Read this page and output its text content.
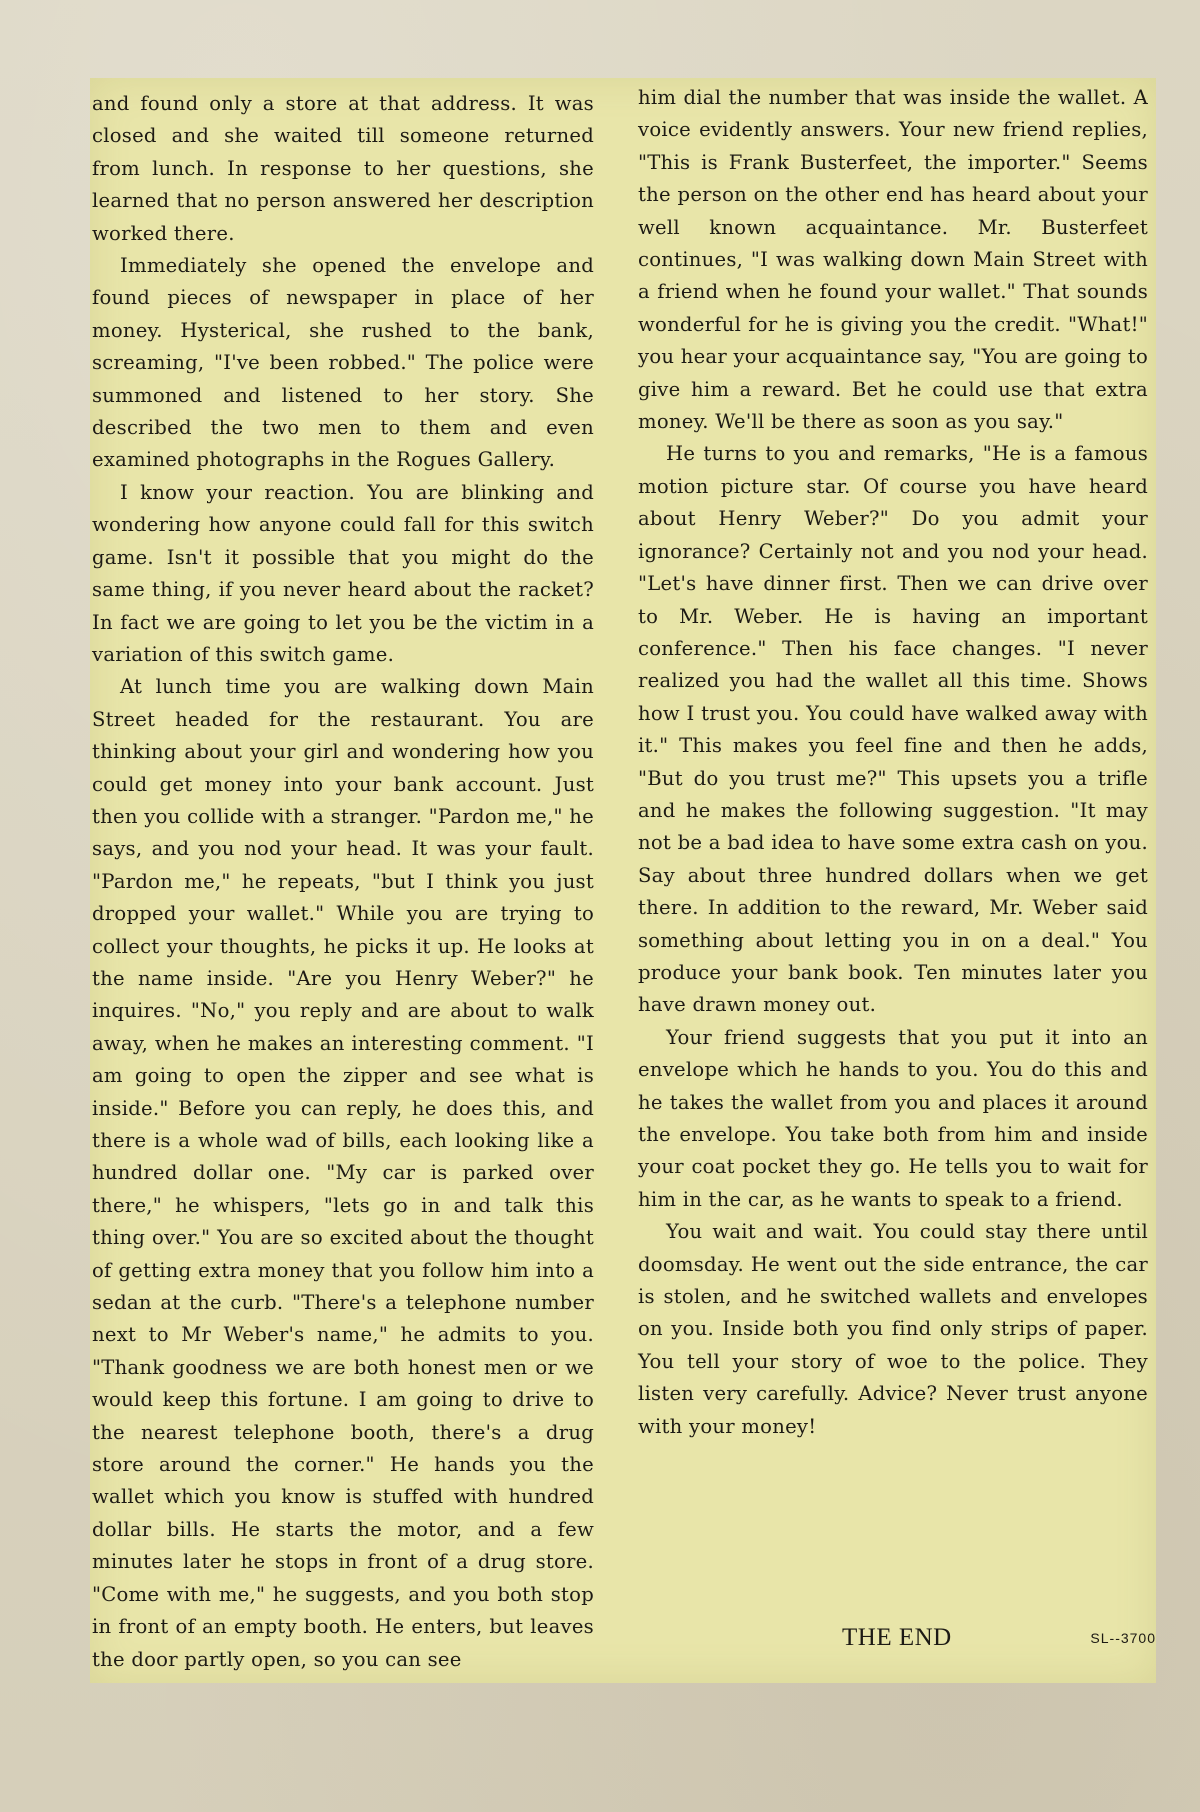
and found only a store at that address. It was closed and she waited till someone returned from lunch. In response to her questions, she learned that no person answered her description worked there.

Immediately she opened the envelope and found pieces of newspaper in place of her money. Hysterical, she rushed to the bank, screaming, "I've been robbed." The police were summoned and listened to her story. She described the two men to them and even examined photographs in the Rogues Gallery.

I know your reaction. You are blinking and wondering how anyone could fall for this switch game. Isn't it possible that you might do the same thing, if you never heard about the racket? In fact we are going to let you be the victim in a variation of this switch game.

At lunch time you are walking down Main Street headed for the restaurant. You are thinking about your girl and wondering how you could get money into your bank account. Just then you collide with a stranger. "Pardon me," he says, and you nod your head. It was your fault. "Pardon me," he repeats, "but I think you just dropped your wallet." While you are trying to collect your thoughts, he picks it up. He looks at the name inside. "Are you Henry Weber?" he inquires. "No," you reply and are about to walk away, when he makes an interesting comment. "I am going to open the zipper and see what is inside." Before you can reply, he does this, and there is a whole wad of bills, each looking like a hundred dollar one. "My car is parked over there," he whispers, "lets go in and talk this thing over." You are so excited about the thought of getting extra money that you follow him into a sedan at the curb. "There's a telephone number next to Mr Weber's name," he admits to you. "Thank goodness we are both honest men or we would keep this fortune. I am going to drive to the nearest telephone booth, there's a drug store around the corner." He hands you the wallet which you know is stuffed with hundred dollar bills. He starts the motor, and a few minutes later he stops in front of a drug store. "Come with me," he suggests, and you both stop in front of an empty booth. He enters, but leaves the door partly open, so you can see

him dial the number that was inside the wallet. A voice evidently answers. Your new friend replies, "This is Frank Busterfeet, the importer." Seems the person on the other end has heard about your well known acquaintance. Mr. Busterfeet continues, "I was walking down Main Street with a friend when he found your wallet." That sounds wonderful for he is giving you the credit. "What!" you hear your acquaintance say, "You are going to give him a reward. Bet he could use that extra money. We'll be there as soon as you say."

He turns to you and remarks, "He is a famous motion picture star. Of course you have heard about Henry Weber?" Do you admit your ignorance? Certainly not and you nod your head. "Let's have dinner first. Then we can drive over to Mr. Weber. He is having an important conference." Then his face changes. "I never realized you had the wallet all this time. Shows how I trust you. You could have walked away with it." This makes you feel fine and then he adds, "But do you trust me?" This upsets you a trifle and he makes the following suggestion. "It may not be a bad idea to have some extra cash on you. Say about three hundred dollars when we get there. In addition to the reward, Mr. Weber said something about letting you in on a deal." You produce your bank book. Ten minutes later you have drawn money out.

Your friend suggests that you put it into an envelope which he hands to you. You do this and he takes the wallet from you and places it around the envelope. You take both from him and inside your coat pocket they go. He tells you to wait for him in the car, as he wants to speak to a friend.

You wait and wait. You could stay there until doomsday. He went out the side entrance, the car is stolen, and he switched wallets and envelopes on you. Inside both you find only strips of paper. You tell your story of woe to the police. They listen very carefully. Advice? Never trust anyone with your money!

THE END	SL--3700
